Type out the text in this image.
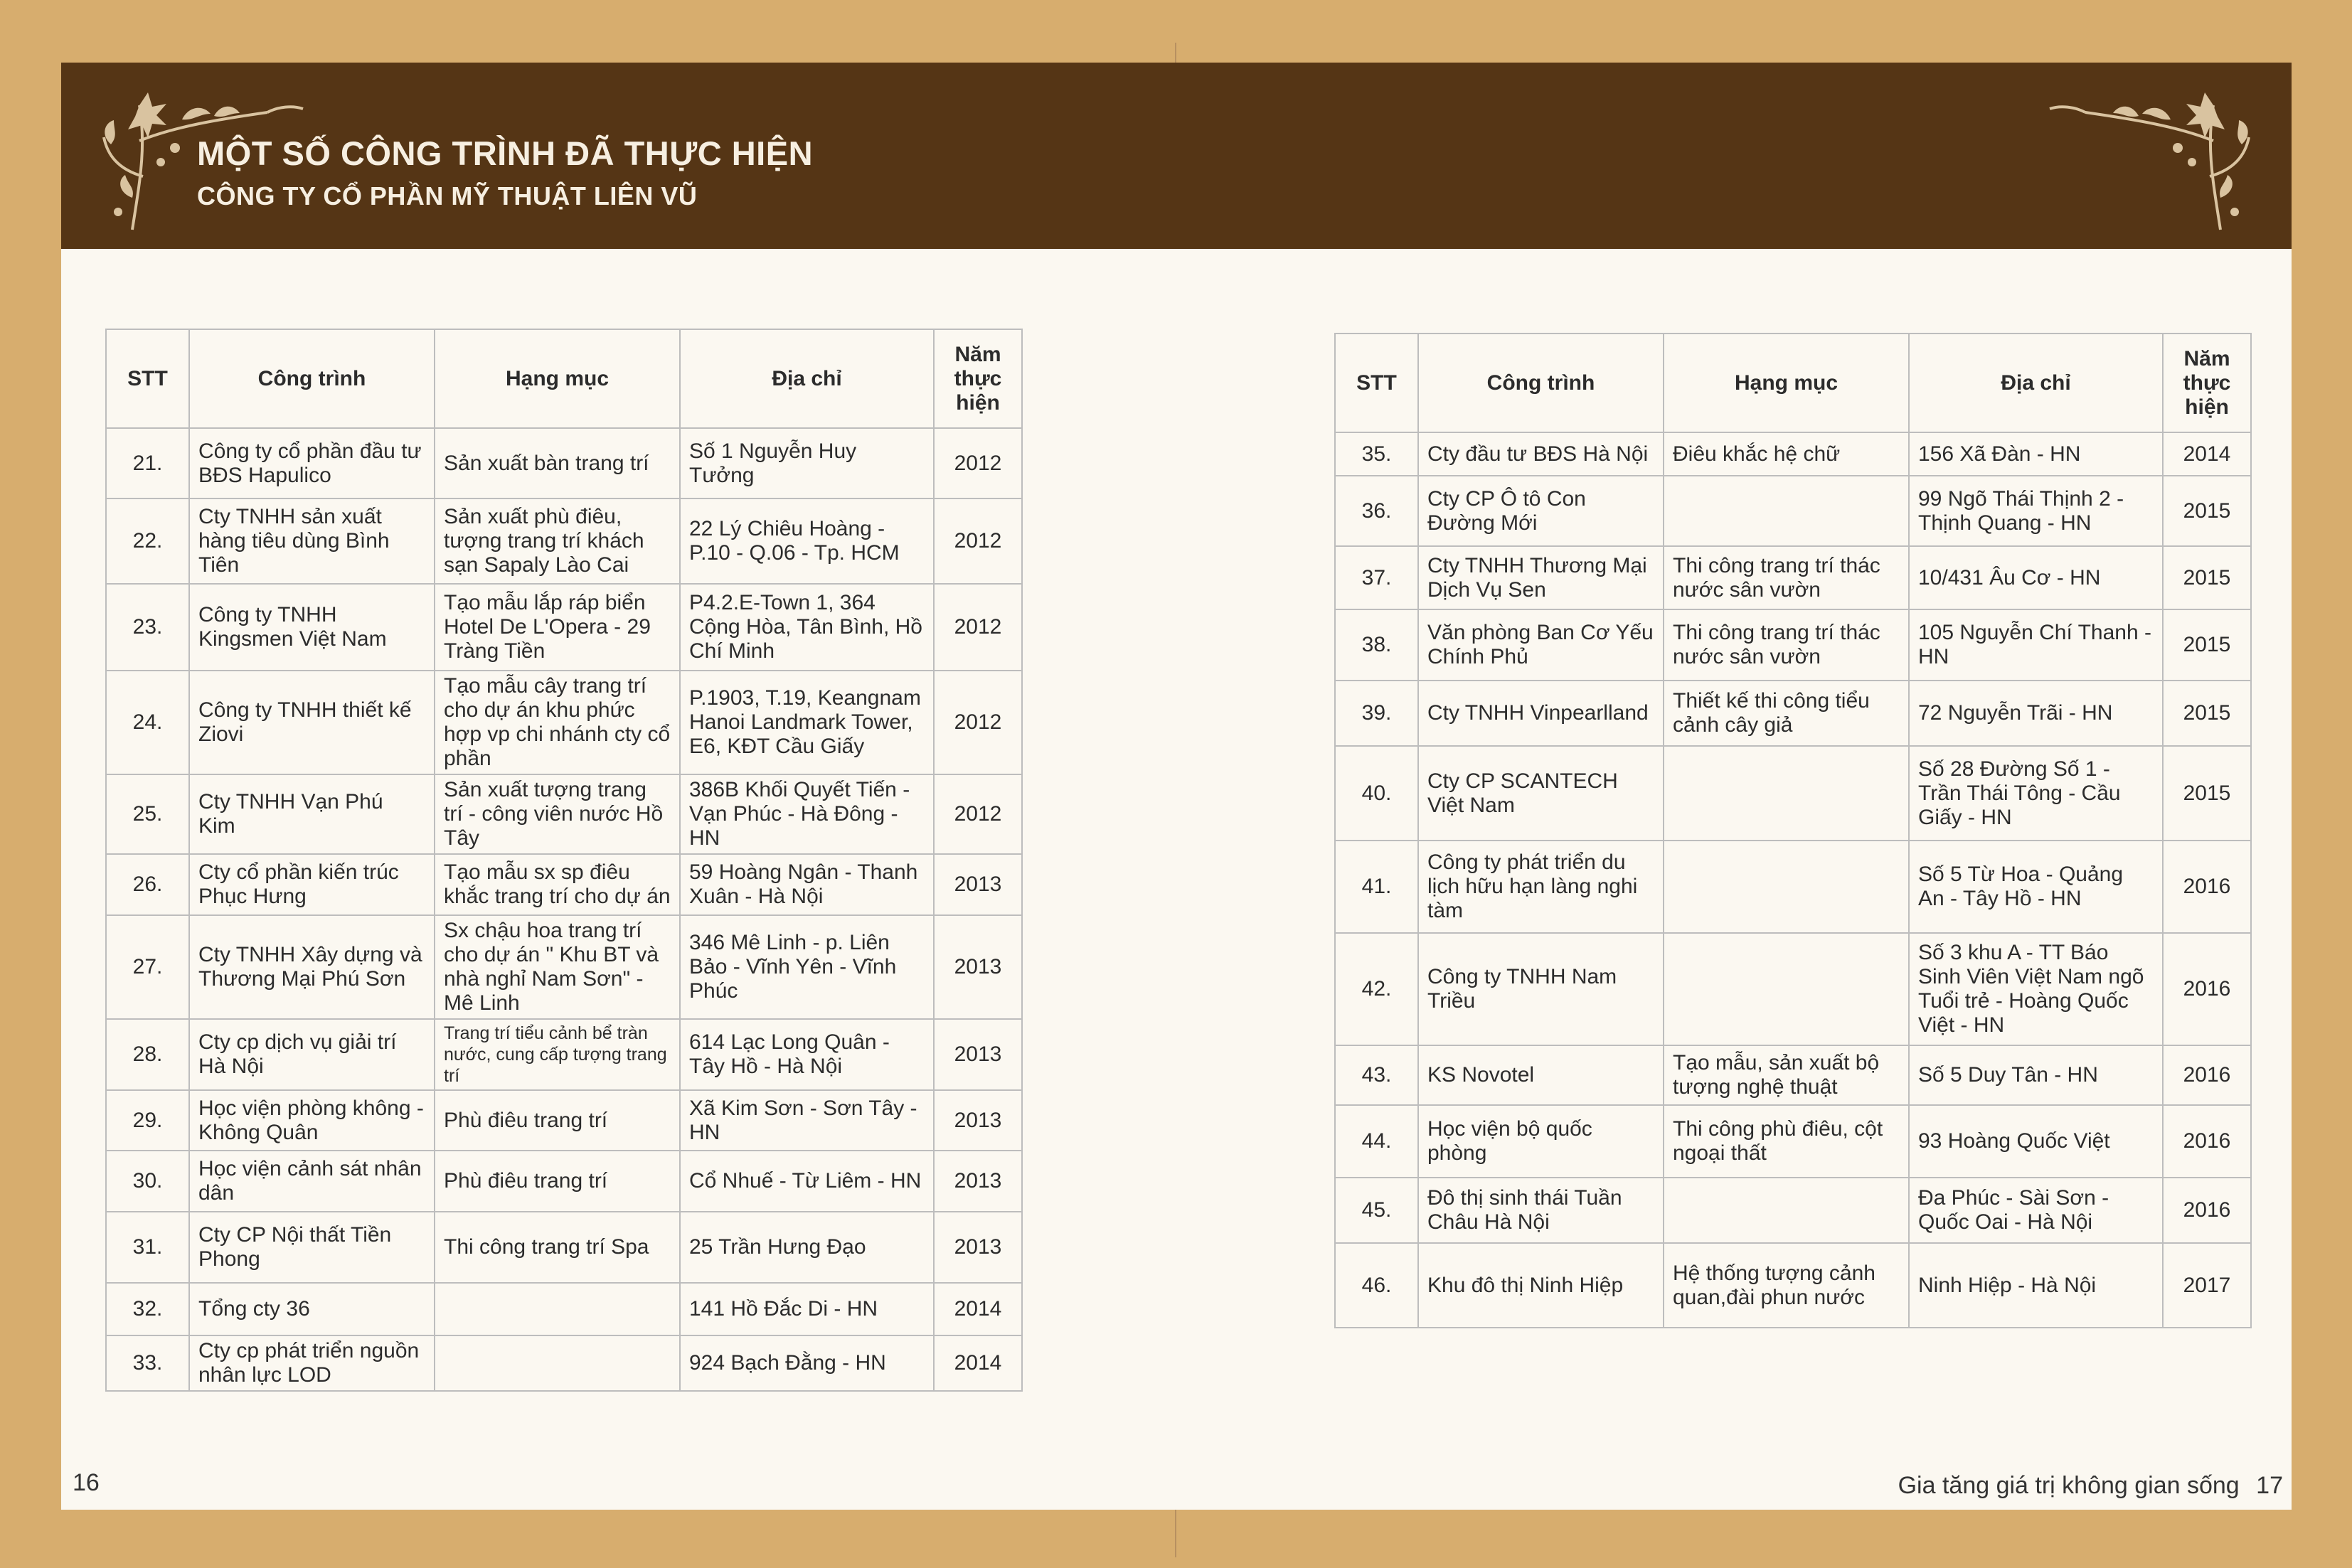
MỘT SỐ CÔNG TRÌNH ĐÃ THỰC HIỆN
CÔNG TY CỔ PHẦN MỸ THUẬT LIÊN VŨ
STT	Công trình	Hạng mục	Địa chỉ	Năm thực hiện
21.	Công ty cổ phần đầu tư BĐS Hapulico	Sản xuất bàn trang trí	Số 1 Nguyễn Huy Tưởng	2012
22.	Cty TNHH sản xuất hàng tiêu dùng Bình Tiên	Sản xuất phù điêu, tượng trang trí khách sạn Sapaly Lào Cai	22 Lý Chiêu Hoàng - P.10 - Q.06 - Tp. HCM	2012
23.	Công ty TNHH Kingsmen Việt Nam	Tạo mẫu lắp ráp biển Hotel De L'Opera - 29 Tràng Tiền	P4.2.E-Town 1, 364 Cộng Hòa, Tân Bình, Hồ Chí Minh	2012
24.	Công ty TNHH thiết kế Ziovi	Tạo mẫu cây trang trí cho dự án khu phức hợp vp chi nhánh cty cổ phần	P.1903, T.19, Keangnam Hanoi Landmark Tower, E6, KĐT Cầu Giấy	2012
25.	Cty TNHH Vạn Phú Kim	Sản xuất tượng trang trí - công viên nước Hồ Tây	386B Khối Quyết Tiến - Vạn Phúc - Hà Đông - HN	2012
26.	Cty cổ phần kiến trúc Phục Hưng	Tạo mẫu sx sp điêu khắc trang trí cho dự án	59 Hoàng Ngân - Thanh Xuân - Hà Nội	2013
27.	Cty TNHH Xây dựng và Thương Mại Phú Sơn	Sx chậu hoa trang trí cho dự án " Khu BT và nhà nghỉ Nam Sơn" - Mê Linh	346 Mê Linh - p. Liên Bảo - Vĩnh Yên - Vĩnh Phúc	2013
28.	Cty cp dịch vụ giải trí Hà Nội	Trang trí tiểu cảnh bể tràn nước, cung cấp tượng trang trí	614 Lạc Long Quân - Tây Hồ - Hà Nội	2013
29.	Học viện phòng không - Không Quân	Phù điêu trang trí	Xã Kim Sơn - Sơn Tây - HN	2013
30.	Học viện cảnh sát nhân dân	Phù điêu trang trí	Cổ Nhuế - Từ Liêm - HN	2013
31.	Cty CP Nội thất Tiền Phong	Thi công trang trí Spa	25 Trần Hưng Đạo	2013
32.	Tổng cty 36		141 Hồ Đắc Di - HN	2014
33.	Cty cp phát triển nguồn nhân lực LOD		924 Bạch Đằng - HN	2014
16
STT	Công trình	Hạng mục	Địa chỉ	Năm thực hiện
35.	Cty đầu tư BĐS Hà Nội	Điêu khắc hệ chữ	156 Xã Đàn - HN	2014
36.	Cty CP Ô tô Con Đường Mới		99 Ngõ Thái Thịnh 2 - Thịnh Quang - HN	2015
37.	Cty TNHH Thương Mại Dịch Vụ Sen	Thi công trang trí thác nước sân vườn	10/431 Âu Cơ - HN	2015
38.	Văn phòng Ban Cơ Yếu Chính Phủ	Thi công trang trí thác nước sân vườn	105 Nguyễn Chí Thanh - HN	2015
39.	Cty TNHH Vinpearlland	Thiết kế thi công tiểu cảnh cây giả	72 Nguyễn Trãi - HN	2015
40.	Cty CP SCANTECH Việt Nam		Số 28 Đường Số 1 - Trần Thái Tông - Cầu Giấy - HN	2015
41.	Công ty phát triển du lịch hữu hạn làng nghi tàm		Số 5 Từ Hoa - Quảng An - Tây Hồ - HN	2016
42.	Công ty TNHH Nam Triều		Số 3 khu A - TT Báo Sinh Viên Việt Nam ngõ Tuổi trẻ - Hoàng Quốc Việt - HN	2016
43.	KS Novotel	Tạo mẫu, sản xuất bộ tượng nghệ thuật	Số 5 Duy Tân - HN	2016
44.	Học viện bộ quốc phòng	Thi công phù điêu, cột ngoại thất	93 Hoàng Quốc Việt	2016
45.	Đô thị sinh thái Tuần Châu Hà Nội		Đa Phúc - Sài Sơn - Quốc Oai - Hà Nội	2016
46.	Khu đô thị Ninh Hiệp	Hệ thống tượng cảnh quan,đài phun nước	Ninh Hiệp - Hà Nội	2017
Gia tăng giá trị không gian sống 17
